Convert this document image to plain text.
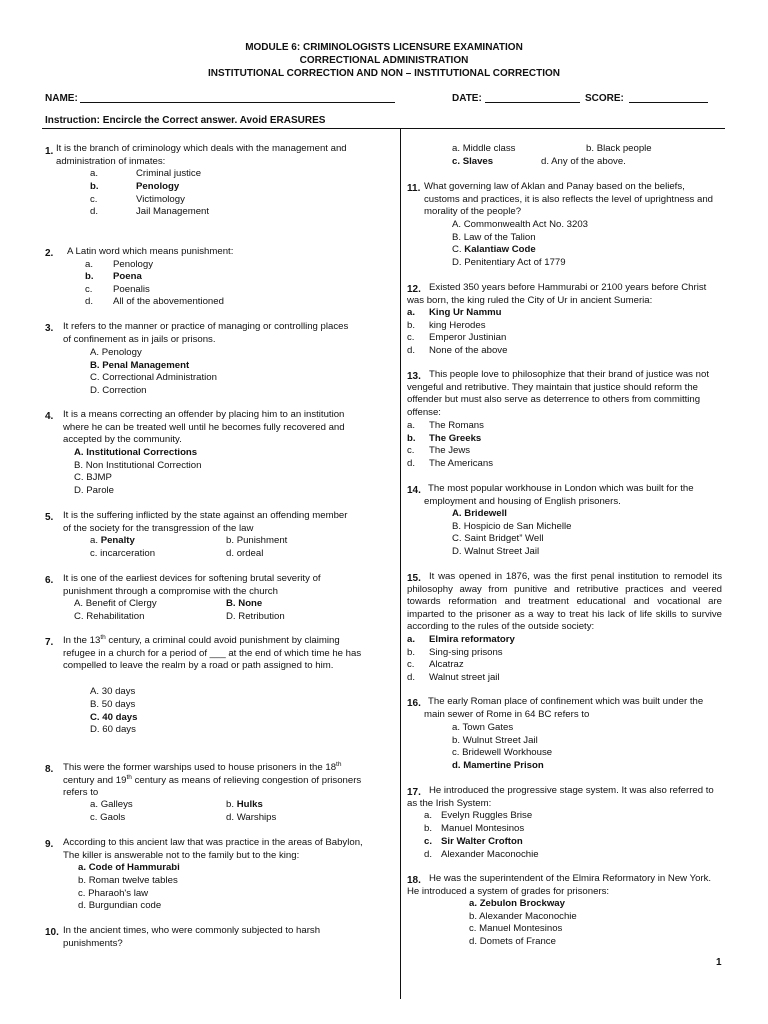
MODULE 6: CRIMINOLOGISTS LICENSURE EXAMINATION
CORRECTIONAL ADMINISTRATION
INSTITUTIONAL CORRECTION AND NON – INSTITUTIONAL CORRECTION
NAME:	DATE:	SCORE:
Instruction: Encircle the Correct answer. Avoid ERASURES
1. It is the branch of criminology which deals with the management and administration of inmates:
a.	Criminal justice
b.	Penology
c.	Victimology
d.	Jail Management
2. A Latin word which means punishment:
a. Penology
b. Poena
c. Poenalis
d. All of the abovementioned
3. It refers to the manner or practice of managing or controlling places of confinement as in jails or prisons.
A. Penology
B. Penal Management
C. Correctional Administration
D. Correction
4. It is a means correcting an offender by placing him to an institution where he can be treated well until he becomes fully recovered and accepted by the community.
A. Institutional Corrections
B. Non Institutional Correction
C. BJMP
D. Parole
5. It is the suffering inflicted by the state against an offending member of the society for the transgression of the law
a. Penalty	b. Punishment
c. incarceration	d. ordeal
6. It is one of the earliest devices for softening brutal severity of punishment through a compromise with the church
A. Benefit of Clergy	B. None
C. Rehabilitation	D. Retribution
7. In the 13th century, a criminal could avoid punishment by claiming refugee in a church for a period of ___ at the end of which time he has compelled to leave the realm by a road or path assigned to him.
A. 30 days
B. 50 days
C. 40 days
D. 60 days
8. This were the former warships used to house prisoners in the 18th century and 19th century as means of relieving congestion of prisoners refers to
a. Galleys	b. Hulks
c. Gaols	d. Warships
9. According to this ancient law that was practice in the areas of Babylon, The killer is answerable not to the family but to the king:
a. Code of Hammurabi
b. Roman twelve tables
c. Pharaoh's law
d. Burgundian code
10. In the ancient times, who were commonly subjected to harsh punishments?
a. Middle class	b. Black people
c. Slaves	d. Any of the above.
11. What governing law of Aklan and Panay based on the beliefs, customs and practices, it is also reflects the level of uprightness and morality of the people?
A. Commonwealth Act No. 3203
B. Law of the Talion
C. Kalantiaw Code
D. Penitentiary Act of 1779
12. Existed 350 years before Hammurabi or 2100 years before Christ was born, the king ruled the City of Ur in ancient Sumeria:
a. King Ur Nammu
b. king Herodes
c. Emperor Justinian
d. None of the above
13. This people love to philosophize that their brand of justice was not vengeful and retributive. They maintain that justice should reform the offender but must also serve as deterrence to others from committing offense:
a. The Romans
b. The Greeks
c. The Jews
d. The Americans
14. The most popular workhouse in London which was built for the employment and housing of English prisoners.
A. Bridewell
B. Hospicio de San Michelle
C. Saint Bridget” Well
D. Walnut Street Jail
15. It was opened in 1876, was the first penal institution to remodel its philosophy away from punitive and retributive practices and veered towards reformation and treatment educational and vocational are imparted to the prisoner as a way to treat his lack of life skills to survive according to the rules of the outside society:
a. Elmira reformatory
b. Sing-sing prisons
c. Alcatraz
d. Walnut street jail
16. The early Roman place of confinement which was built under the main sewer of Rome in 64 BC refers to
a. Town Gates
b. Wulnut Street Jail
c. Bridewell Workhouse
d. Mamertine Prison
17. He introduced the progressive stage system. It was also referred to as the Irish System:
a. Evelyn Ruggles Brise
b. Manuel Montesinos
c. Sir Walter Crofton
d. Alexander Maconochie
18. He was the superintendent of the Elmira Reformatory in New York. He introduced a system of grades for prisoners:
a. Zebulon Brockway
b. Alexander Maconochie
c. Manuel Montesinos
d. Domets of France
1
